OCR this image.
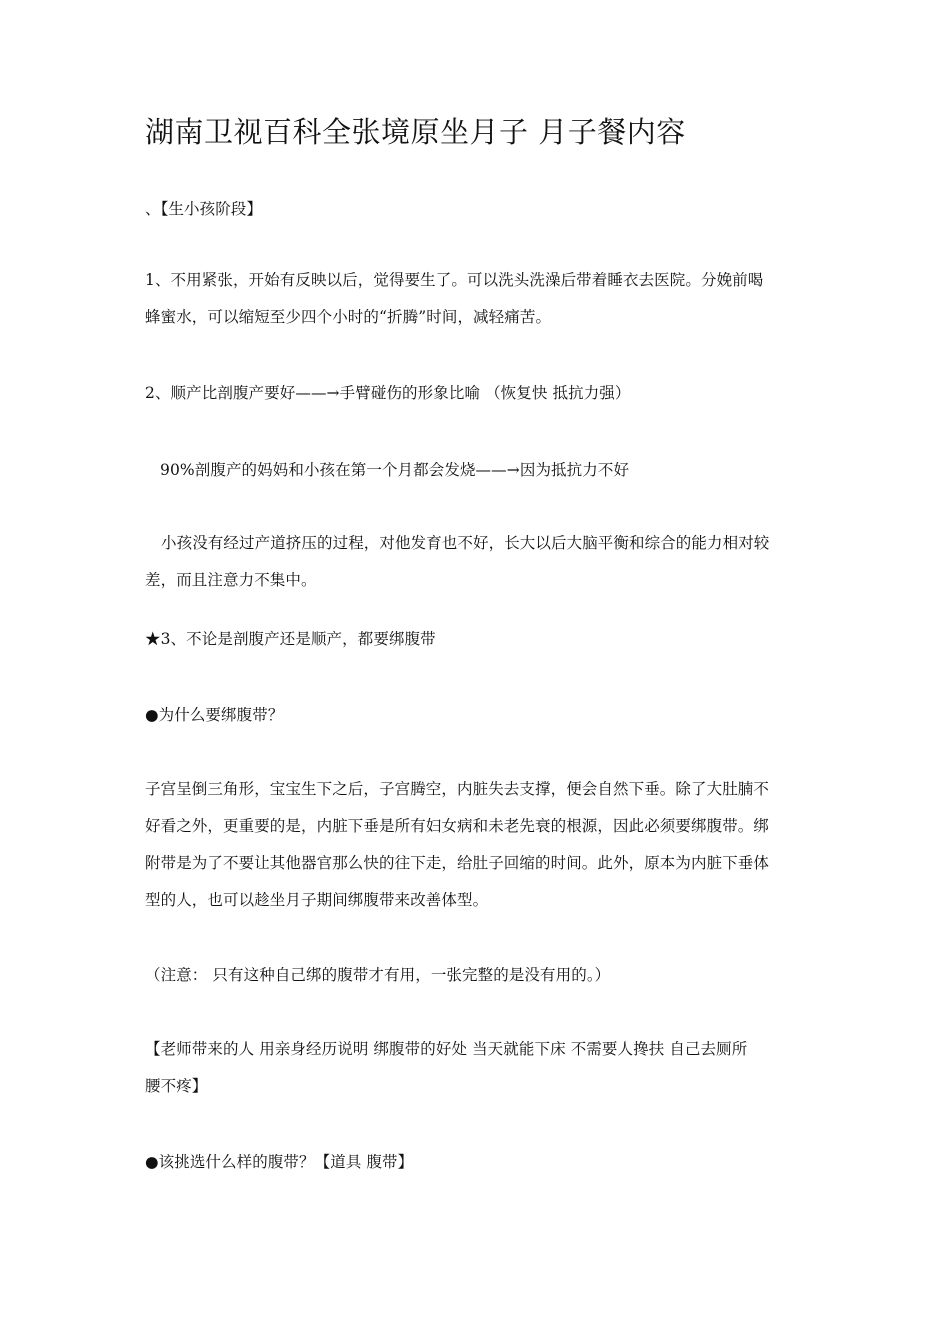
湖南卫视百科全张境原坐月子 月子餐内容
、【生小孩阶段】
1、不用紧张，开始有反映以后，觉得要生了。可以洗头洗澡后带着睡衣去医院。分娩前喝
蜂蜜水，可以缩短至少四个小时的“折腾”时间，减轻痛苦。
2、顺产比剖腹产要好——→手臂碰伤的形象比喻 （恢复快 抵抗力强）
90%剖腹产的妈妈和小孩在第一个月都会发烧——→因为抵抗力不好
小孩没有经过产道挤压的过程，对他发育也不好，长大以后大脑平衡和综合的能力相对较
差，而且注意力不集中。
★3、不论是剖腹产还是顺产，都要绑腹带
●为什么要绑腹带？
子宫呈倒三角形，宝宝生下之后，子宫腾空，内脏失去支撑，便会自然下垂。除了大肚腩不
好看之外，更重要的是，内脏下垂是所有妇女病和未老先衰的根源，因此必须要绑腹带。绑
附带是为了不要让其他器官那么快的往下走，给肚子回缩的时间。此外，原本为内脏下垂体
型的人，也可以趁坐月子期间绑腹带来改善体型。
（注意： 只有这种自己绑的腹带才有用，一张完整的是没有用的。）
【老师带来的人 用亲身经历说明 绑腹带的好处 当天就能下床 不需要人搀扶 自己去厕所
腰不疼】
●该挑选什么样的腹带？【道具 腹带】
